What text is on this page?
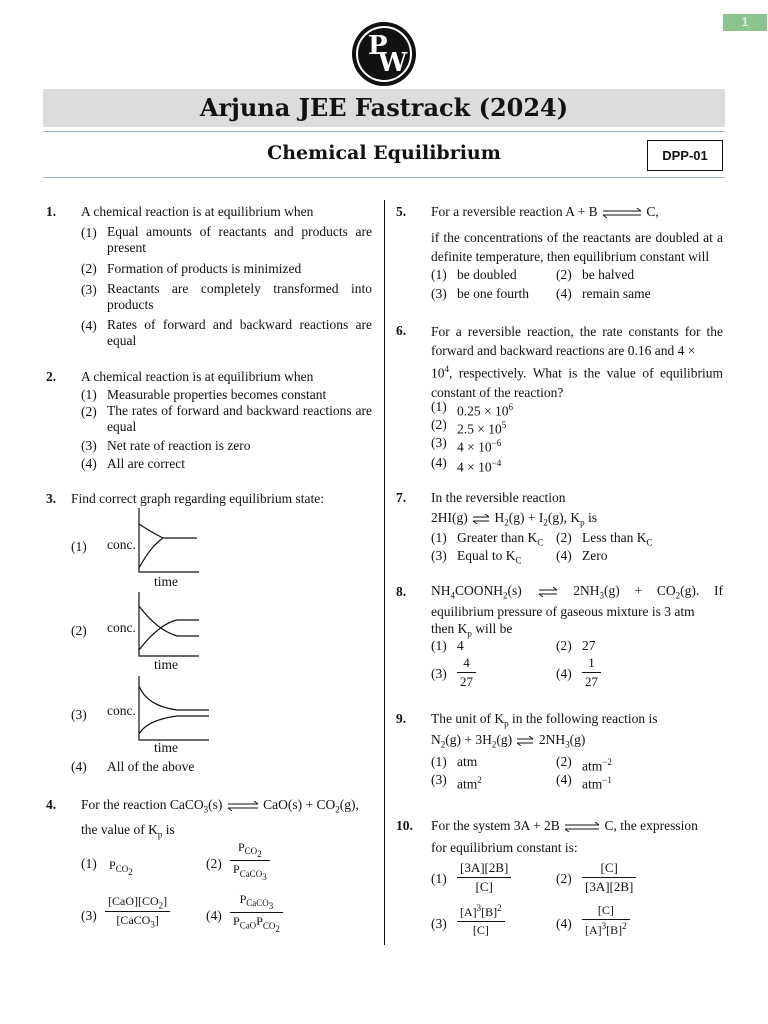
1
P
W
Arjuna JEE Fastrack (2024)
Chemical Equilibrium	DPP-01
1. A chemical reaction is at equilibrium when
(1) Equal amounts of reactants and products are present
(2) Formation of products is minimized
(3) Reactants are completely transformed into products
(4) Rates of forward and backward reactions are equal
2. A chemical reaction is at equilibrium when
(1) Measurable properties becomes constant
(2) The rates of forward and backward reactions are equal
(3) Net rate of reaction is zero
(4) All are correct
3. Find correct graph regarding equilibrium state:
(1) conc.
time
(2) conc.
time
(3) conc.
time
(4) All of the above
4. For the reaction CaCO$_3$(s)	$CaO(s) + CO_2(g)$,
the value of $K_p$ is
(1) $P_{CO_2}$
$(2) \frac{P_{CO_2}}{P_{CaCO_3}}$
$(3) \frac{[CaO][CO_2]}{[CaCO_3]}$	$(4) \frac{P_{CaCO_3}}{P_{CaO}P_{CO_2}}$
5. For a reversible reaction A + B	C,
if the concentrations of the reactants are doubled at a definite temperature, then equilibrium constant will
(1) be doubled	(2) be halved
(3) be one fourth (4) remain same
6. For a reversible reaction, the rate constants for the forward and backward reactions are 0.16 and 4 ×
$10^4$, respectively. What is the value of equilibrium constant of the reaction?
(1) $0.25 \times 10^6$
(2) $2.5 \times 10^5$
(3) $4 \times 10^{-6}$
(4) $4 \times 10^{-4}$
7. In the reversible reaction
2HI(g) $H_2(g) + I_2(g)$, $K_p$ is
(1) Greater than $K_C$ (2) Less than $K_C$
(3) Equal to $K_C$	(4) Zero
8. $NH_4COONH_2(s)$	$2NH_3(g) + CO_2(g)$. If
equilibrium pressure of gaseous mixture is 3 atm
then $K_p$ will be
(1) 4	(2) 27
$(3) \frac{4}{27}$	$(4) \frac{1}{27}$
9. The unit of $K_p$ in the following reaction is
$N_2(g) + 3H_2(g)$ $2NH_3(g)$
(1) atm	(2) atm$^{-2}$
(3) atm$^2$	(4) atm$^{-1}$
10. For the system 3A + 2B	C, the expression
for equilibrium constant is:
$(1) \frac{[3A][2B]}{[C]}$	$(2) \frac{[C]}{[3A][2B]}$
$(3) \frac{[A]^3[B]^2}{[C]}$	$(4) \frac{[C]}{[A]^3[B]^2}$
